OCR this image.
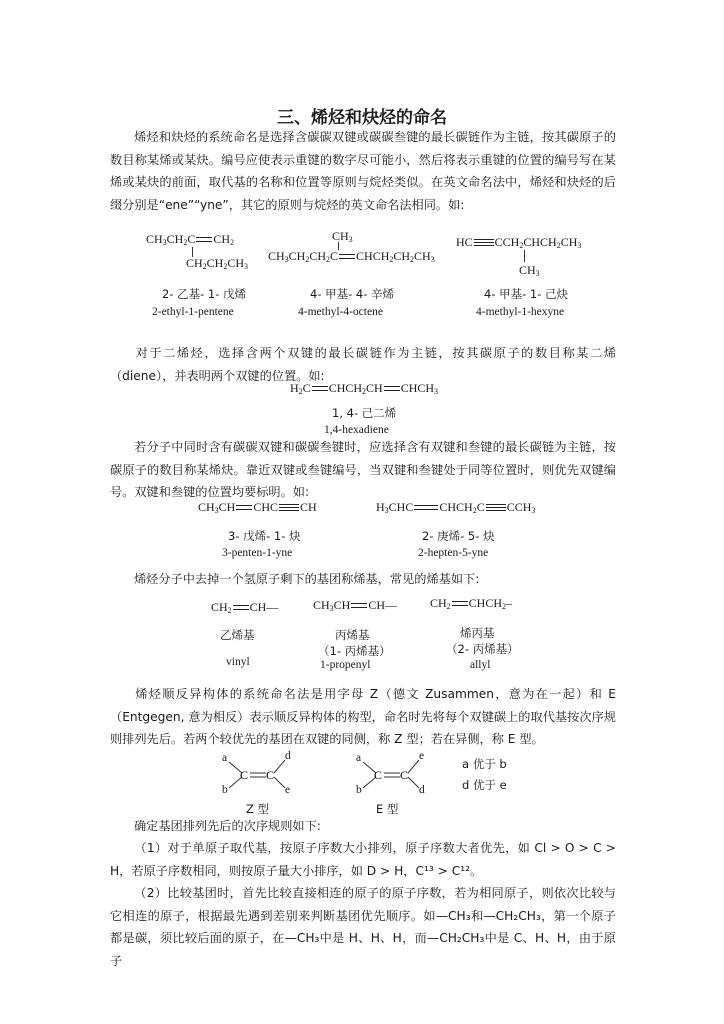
三、烯烃和炔烃的命名

烯烃和炔烃的系统命名是选择含碳碳双键或碳碳叁键的最长碳链作为主链，按其碳原子的数目称某烯或某炔。编号应使表示重键的数字尽可能小，然后将表示重键的位置的编号写在某烯或某炔的前面，取代基的名称和位置等原则与烷烃类似。在英文命名法中，烯烃和炔烃的后缀分别是“ene”“yne”，其它的原则与烷烃的英文命名法相同。如:

$CH_3CH_2C$ $CH_2$
$CH_2CH_2CH_3$
$CH_3$
$CH_3CH_2CH_2C$ $CHCH_2CH_2CH_3$
HC $CCH_2CHCH_2CH_3$
$CH_3$
2- 乙基- 1- 戊烯
2-ethyl-1-pentene
4- 甲基- 4- 辛烯
4-methyl-4-octene
4- 甲基- 1- 己炔
4-methyl-1-hexyne

对于二烯烃，选择含两个双键的最长碳链作为主链，按其碳原子的数目称某二烯（diene），并表明两个双键的位置。如:

$H_2C$ $CHCH_2CH$ $CHCH_3$
1, 4- 己二烯
1,4-hexadiene

若分子中同时含有碳碳双键和碳碳叁键时，应选择含有双键和叁键的最长碳链为主链，按碳原子的数目称某烯炔。靠近双键或叁键编号，当双键和叁键处于同等位置时，则优先双键编号。双键和叁键的位置均要标明。如:

$CH_3CH$ CHC CH	$H_3CHC$ $CHCH_2C$ $CCH_3$
3- 戊烯- 1- 炔
3-penten-1-yne
2- 庚烯- 5- 炔
2-hepten-5-yne

烯烃分子中去掉一个氢原子剩下的基团称烯基，常见的烯基如下:

$CH_2$ CH—	$CH_3CH$ CH—	$CH_2$ $CHCH_2-$
乙烯基
vinyl
丙烯基
（1- 丙烯基）
1-propenyl
烯丙基
（2- 丙烯基）
allyl

烯烃顺反异构体的系统命名法是用字母 Z（德文 Zusammen，意为在一起）和 E（Entgegen, 意为相反）表示顺反异构体的构型，命名时先将每个双键碳上的取代基按次序规则排列先后。若两个较优先的基团在双键的同侧，称 Z 型；若在异侧，称 E 型。

C C
a
b
d
e
C C
a
b
e
d
a 优于 b
d 优于 e
Z 型	E 型

确定基团排列先后的次序规则如下:

（1）对于单原子取代基，按原子序数大小排列，原子序数大者优先，如 Cl > O > C > H，若原子序数相同，则按原子量大小排序，如 D > H，C¹³ > C¹²。

（2）比较基团时，首先比较直接相连的原子的原子序数，若为相同原子，则依次比较与它相连的原子，根据最先遇到差别来判断基团优先顺序。如—CH₃和—CH₂CH₃，第一个原子都是碳，须比较后面的原子，在—CH₃中是 H、H、H，而—CH₂CH₃中是 C、H、H，由于原子
